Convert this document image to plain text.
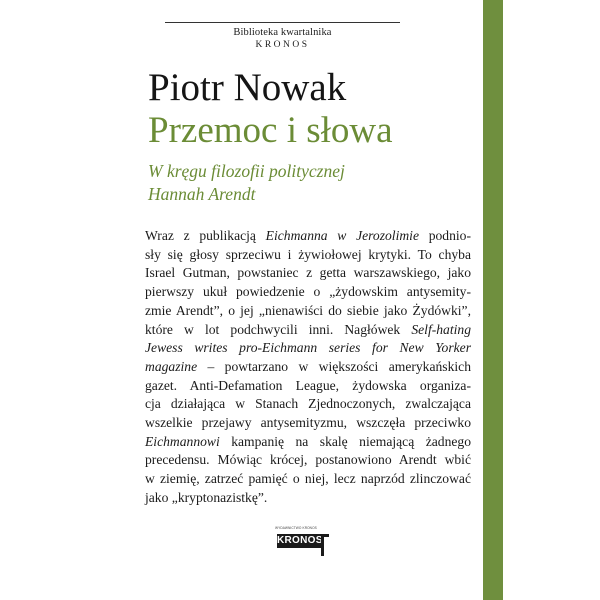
Biblioteka kwartalnika
KRONOS
Piotr Nowak
Przemoc i słowa
W kręgu filozofii politycznej
Hannah Arendt
Wraz z publikacją Eichmanna w Jerozolimie podnio-
sły się głosy sprzeciwu i żywiołowej krytyki. To chyba
Israel Gutman, powstaniec z getta warszawskiego, jako
pierwszy ukuł powiedzenie o „żydowskim antysemity-
zmie Arendt”, o jej „nienawiści do siebie jako Żydówki”,
które w lot podchwycili inni. Nagłówek Self-hating
Jewess writes pro-Eichmann series for New Yorker
magazine – powtarzano w większości amerykańskich
gazet. Anti-Defamation League, żydowska organiza-
cja działająca w Stanach Zjednoczonych, zwalczająca
wszelkie przejawy antysemityzmu, wszczęła przeciwko
Eichmannowi kampanię na skalę niemającą żadnego
precedensu. Mówiąc krócej, postanowiono Arendt wbić
w ziemię, zatrzeć pamięć o niej, lecz naprzód zlinczować
jako „kryptonazistkę”.
WYDAWNICTWO KRONOS
KRONOS
